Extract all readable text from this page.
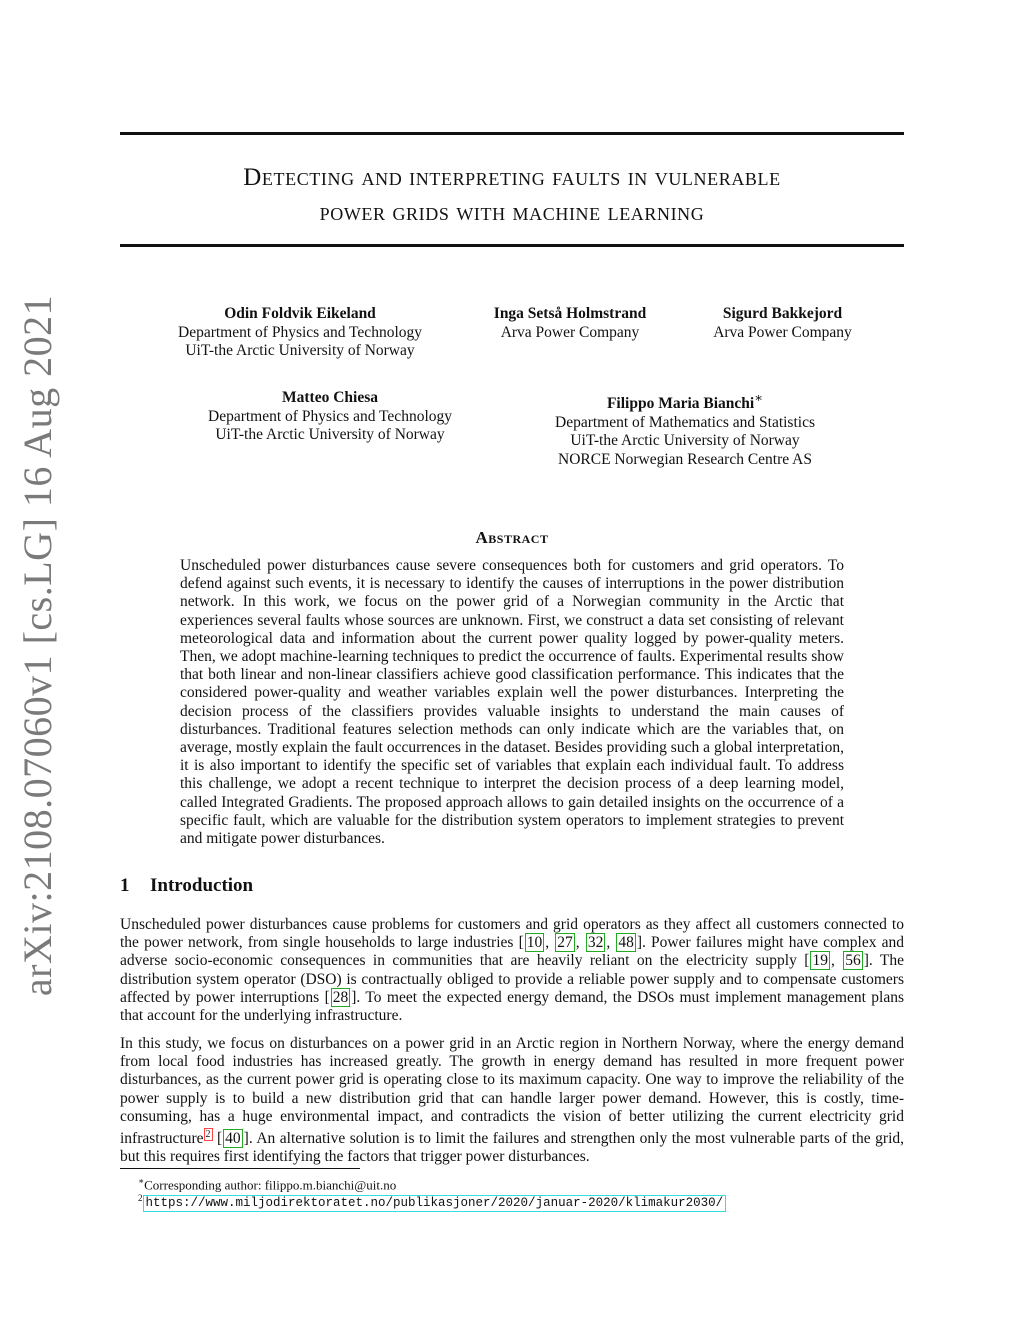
arXiv:2108.07060v1 [cs.LG] 16 Aug 2021
Detecting and interpreting faults in vulnerable
power grids with machine learning
Odin Foldvik Eikeland
Department of Physics and Technology
UiT-the Arctic University of Norway
Inga Setså Holmstrand
Arva Power Company
Sigurd Bakkejord
Arva Power Company
Matteo Chiesa
Department of Physics and Technology
UiT-the Arctic University of Norway
Filippo Maria Bianchi∗
Department of Mathematics and Statistics
UiT-the Arctic University of Norway
NORCE Norwegian Research Centre AS
Abstract

Unscheduled power disturbances cause severe consequences both for customers and grid operators. To defend against such events, it is necessary to identify the causes of interruptions in the power distribution network. In this work, we focus on the power grid of a Norwegian community in the Arctic that experiences several faults whose sources are unknown. First, we construct a data set consisting of relevant meteorological data and information about the current power quality logged by power-quality meters. Then, we adopt machine-learning techniques to predict the occurrence of faults. Experimental results show that both linear and non-linear classifiers achieve good classification performance. This indicates that the considered power-quality and weather variables explain well the power disturbances. Interpreting the decision process of the classifiers provides valuable insights to understand the main causes of disturbances. Traditional features selection methods can only indicate which are the variables that, on average, mostly explain the fault occurrences in the dataset. Besides providing such a global interpretation, it is also important to identify the specific set of variables that explain each individual fault. To address this challenge, we adopt a recent technique to interpret the decision process of a deep learning model, called Integrated Gradients. The proposed approach allows to gain detailed insights on the occurrence of a specific fault, which are valuable for the distribution system operators to implement strategies to prevent and mitigate power disturbances.

1 Introduction

Unscheduled power disturbances cause problems for customers and grid operators as they affect all customers connected to the power network, from single households to large industries [ 10 , 27 , 32 , 48 ]. Power failures might have complex and adverse socio-economic consequences in communities that are heavily reliant on the electricity supply [ 19 , 56 ]. The distribution system operator (DSO) is contractually obliged to provide a reliable power supply and to compensate customers affected by power interruptions [ 28 ]. To meet the expected energy demand, the DSOs must implement management plans that account for the underlying infrastructure.

In this study, we focus on disturbances on a power grid in an Arctic region in Northern Norway, where the energy demand from local food industries has increased greatly. The growth in energy demand has resulted in more frequent power disturbances, as the current power grid is operating close to its maximum capacity. One way to improve the reliability of the power supply is to build a new distribution grid that can handle larger power demand. However, this is costly, time-consuming, has a huge environmental impact, and contradicts the vision of better utilizing the current electricity grid infrastructure $^2$ [ 40 ]. An alternative solution is to limit the failures and strengthen only the most vulnerable parts of the grid, but this requires first identifying the factors that trigger power disturbances.

∗Corresponding author: filippo.m.bianchi@uit.no
$^2$ https://www.miljodirektoratet.no/publikasjoner/2020/januar-2020/klimakur2030/
